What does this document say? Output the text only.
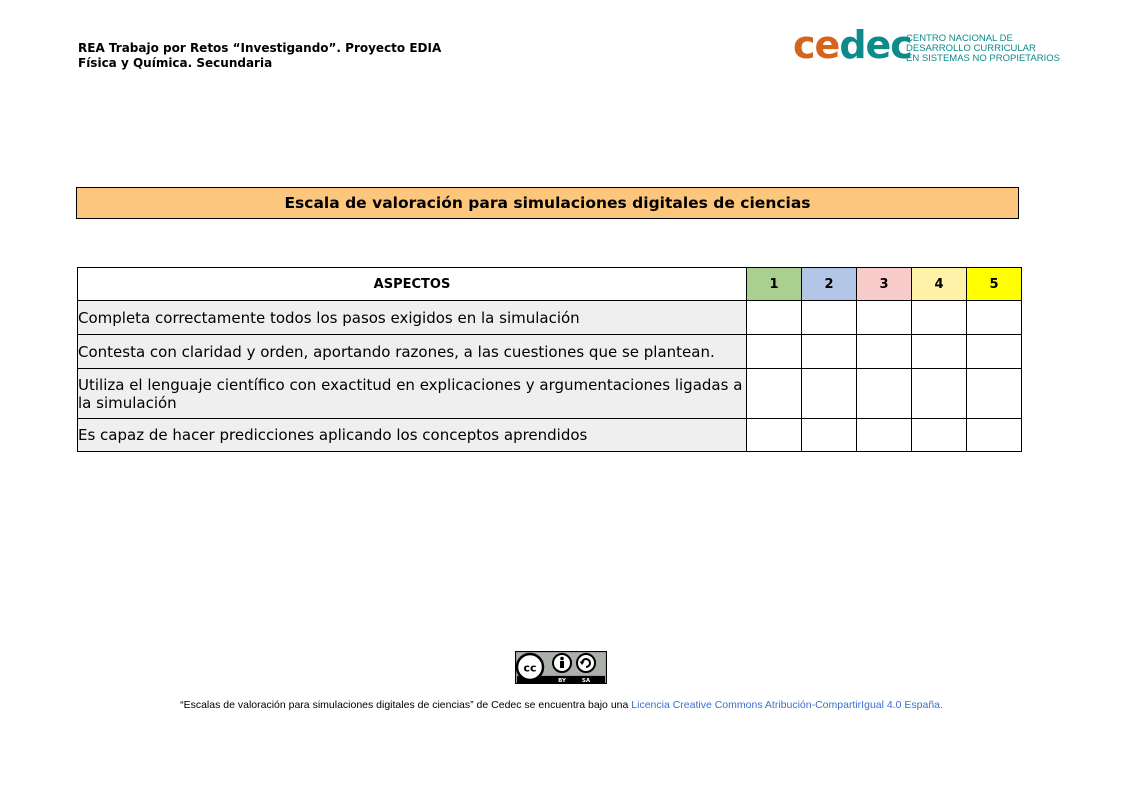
REA Trabajo por Retos “Investigando”. Proyecto EDIA
Física y Química. Secundaria	cedec
CENTRO NACIONAL DE
DESARROLLO CURRICULAR
EN SISTEMAS NO PROPIETARIOS
Escala de valoración para simulaciones digitales de ciencias
ASPECTOS	1	2	3	4	5
Completa correctamente todos los pasos exigidos en la simulación					
Contesta con claridad y orden, aportando razones, a las cuestiones que se plantean.					
Utiliza el lenguaje científico con exactitud en explicaciones y argumentaciones ligadas a la simulación					
Es capaz de hacer predicciones aplicando los conceptos aprendidos					
cc
BY	SA
“Escalas de valoración para simulaciones digitales de ciencias” de Cedec se encuentra bajo una Licencia Creative Commons Atribución-CompartirIgual 4.0 España.
